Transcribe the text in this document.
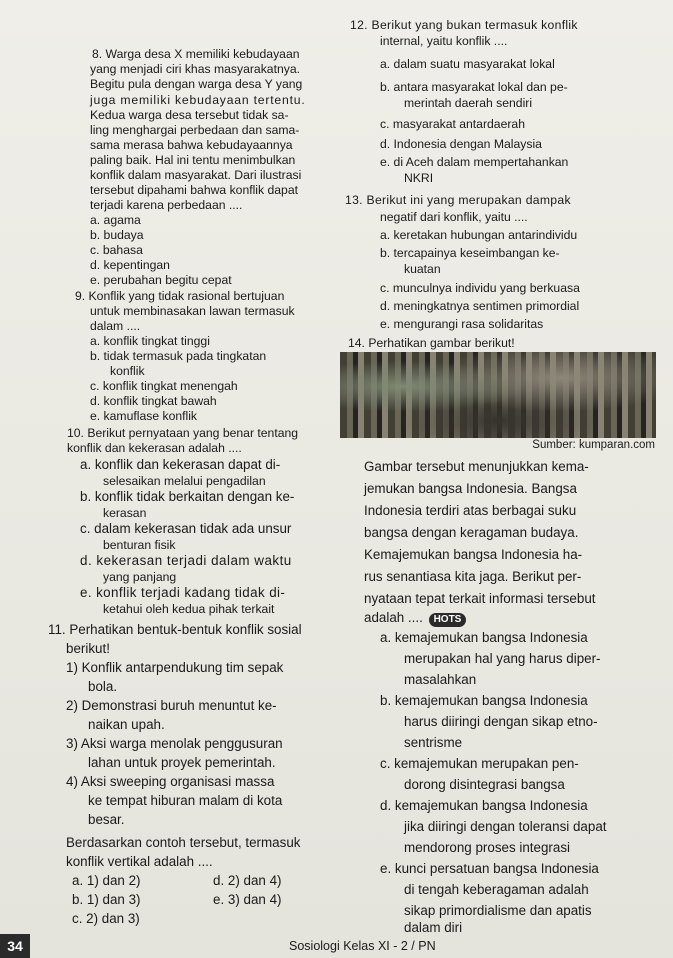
8. Warga desa X memiliki kebudayaan
yang menjadi ciri khas masyarakatnya.
Begitu pula dengan warga desa Y yang
juga memiliki kebudayaan tertentu.
Kedua warga desa tersebut tidak sa-
ling menghargai perbedaan dan sama-
sama merasa bahwa kebudayaannya
paling baik. Hal ini tentu menimbulkan
konflik dalam masyarakat. Dari ilustrasi
tersebut dipahami bahwa konflik dapat
terjadi karena perbedaan ....
a. agama
b. budaya
c. bahasa
d. kepentingan
e. perubahan begitu cepat
9. Konflik yang tidak rasional bertujuan
untuk membinasakan lawan termasuk
dalam ....
a. konflik tingkat tinggi
b. tidak termasuk pada tingkatan
konflik
c. konflik tingkat menengah
d. konflik tingkat bawah
e. kamuflase konflik
10. Berikut pernyataan yang benar tentang
konflik dan kekerasan adalah ....
a. konflik dan kekerasan dapat di-
selesaikan melalui pengadilan
b. konflik tidak berkaitan dengan ke-
kerasan
c. dalam kekerasan tidak ada unsur
benturan fisik
d. kekerasan terjadi dalam waktu
yang panjang
e. konflik terjadi kadang tidak di-
ketahui oleh kedua pihak terkait
11. Perhatikan bentuk-bentuk konflik sosial
berikut!
1) Konflik antarpendukung tim sepak
bola.
2) Demonstrasi buruh menuntut ke-
naikan upah.
3) Aksi warga menolak penggusuran
lahan untuk proyek pemerintah.
4) Aksi sweeping organisasi massa
ke tempat hiburan malam di kota
besar.
Berdasarkan contoh tersebut, termasuk
konflik vertikal adalah ....
a. 1) dan 2)	d. 2) dan 4)
b. 1) dan 3)	e. 3) dan 4)
c. 2) dan 3)
12. Berikut yang bukan termasuk konflik
internal, yaitu konflik ....
a. dalam suatu masyarakat lokal
b. antara masyarakat lokal dan pe-
merintah daerah sendiri
c. masyarakat antardaerah
d. Indonesia dengan Malaysia
e. di Aceh dalam mempertahankan
NKRI
13. Berikut ini yang merupakan dampak
negatif dari konflik, yaitu ....
a. keretakan hubungan antarindividu
b. tercapainya keseimbangan ke-
kuatan
c. munculnya individu yang berkuasa
d. meningkatnya sentimen primordial
e. mengurangi rasa solidaritas
14. Perhatikan gambar berikut!
Sumber: kumparan.com
Gambar tersebut menunjukkan kema-
jemukan bangsa Indonesia. Bangsa
Indonesia terdiri atas berbagai suku
bangsa dengan keragaman budaya.
Kemajemukan bangsa Indonesia ha-
rus senantiasa kita jaga. Berikut per-
nyataan tepat terkait informasi tersebut
adalah .... HOTS
a. kemajemukan bangsa Indonesia
merupakan hal yang harus diper-
masalahkan
b. kemajemukan bangsa Indonesia
harus diiringi dengan sikap etno-
sentrisme
c. kemajemukan merupakan pen-
dorong disintegrasi bangsa
d. kemajemukan bangsa Indonesia
jika diiringi dengan toleransi dapat
mendorong proses integrasi
e. kunci persatuan bangsa Indonesia
di tengah keberagaman adalah
sikap primordialisme dan apatis
dalam diri
34	Sosiologi Kelas XI - 2 / PN
